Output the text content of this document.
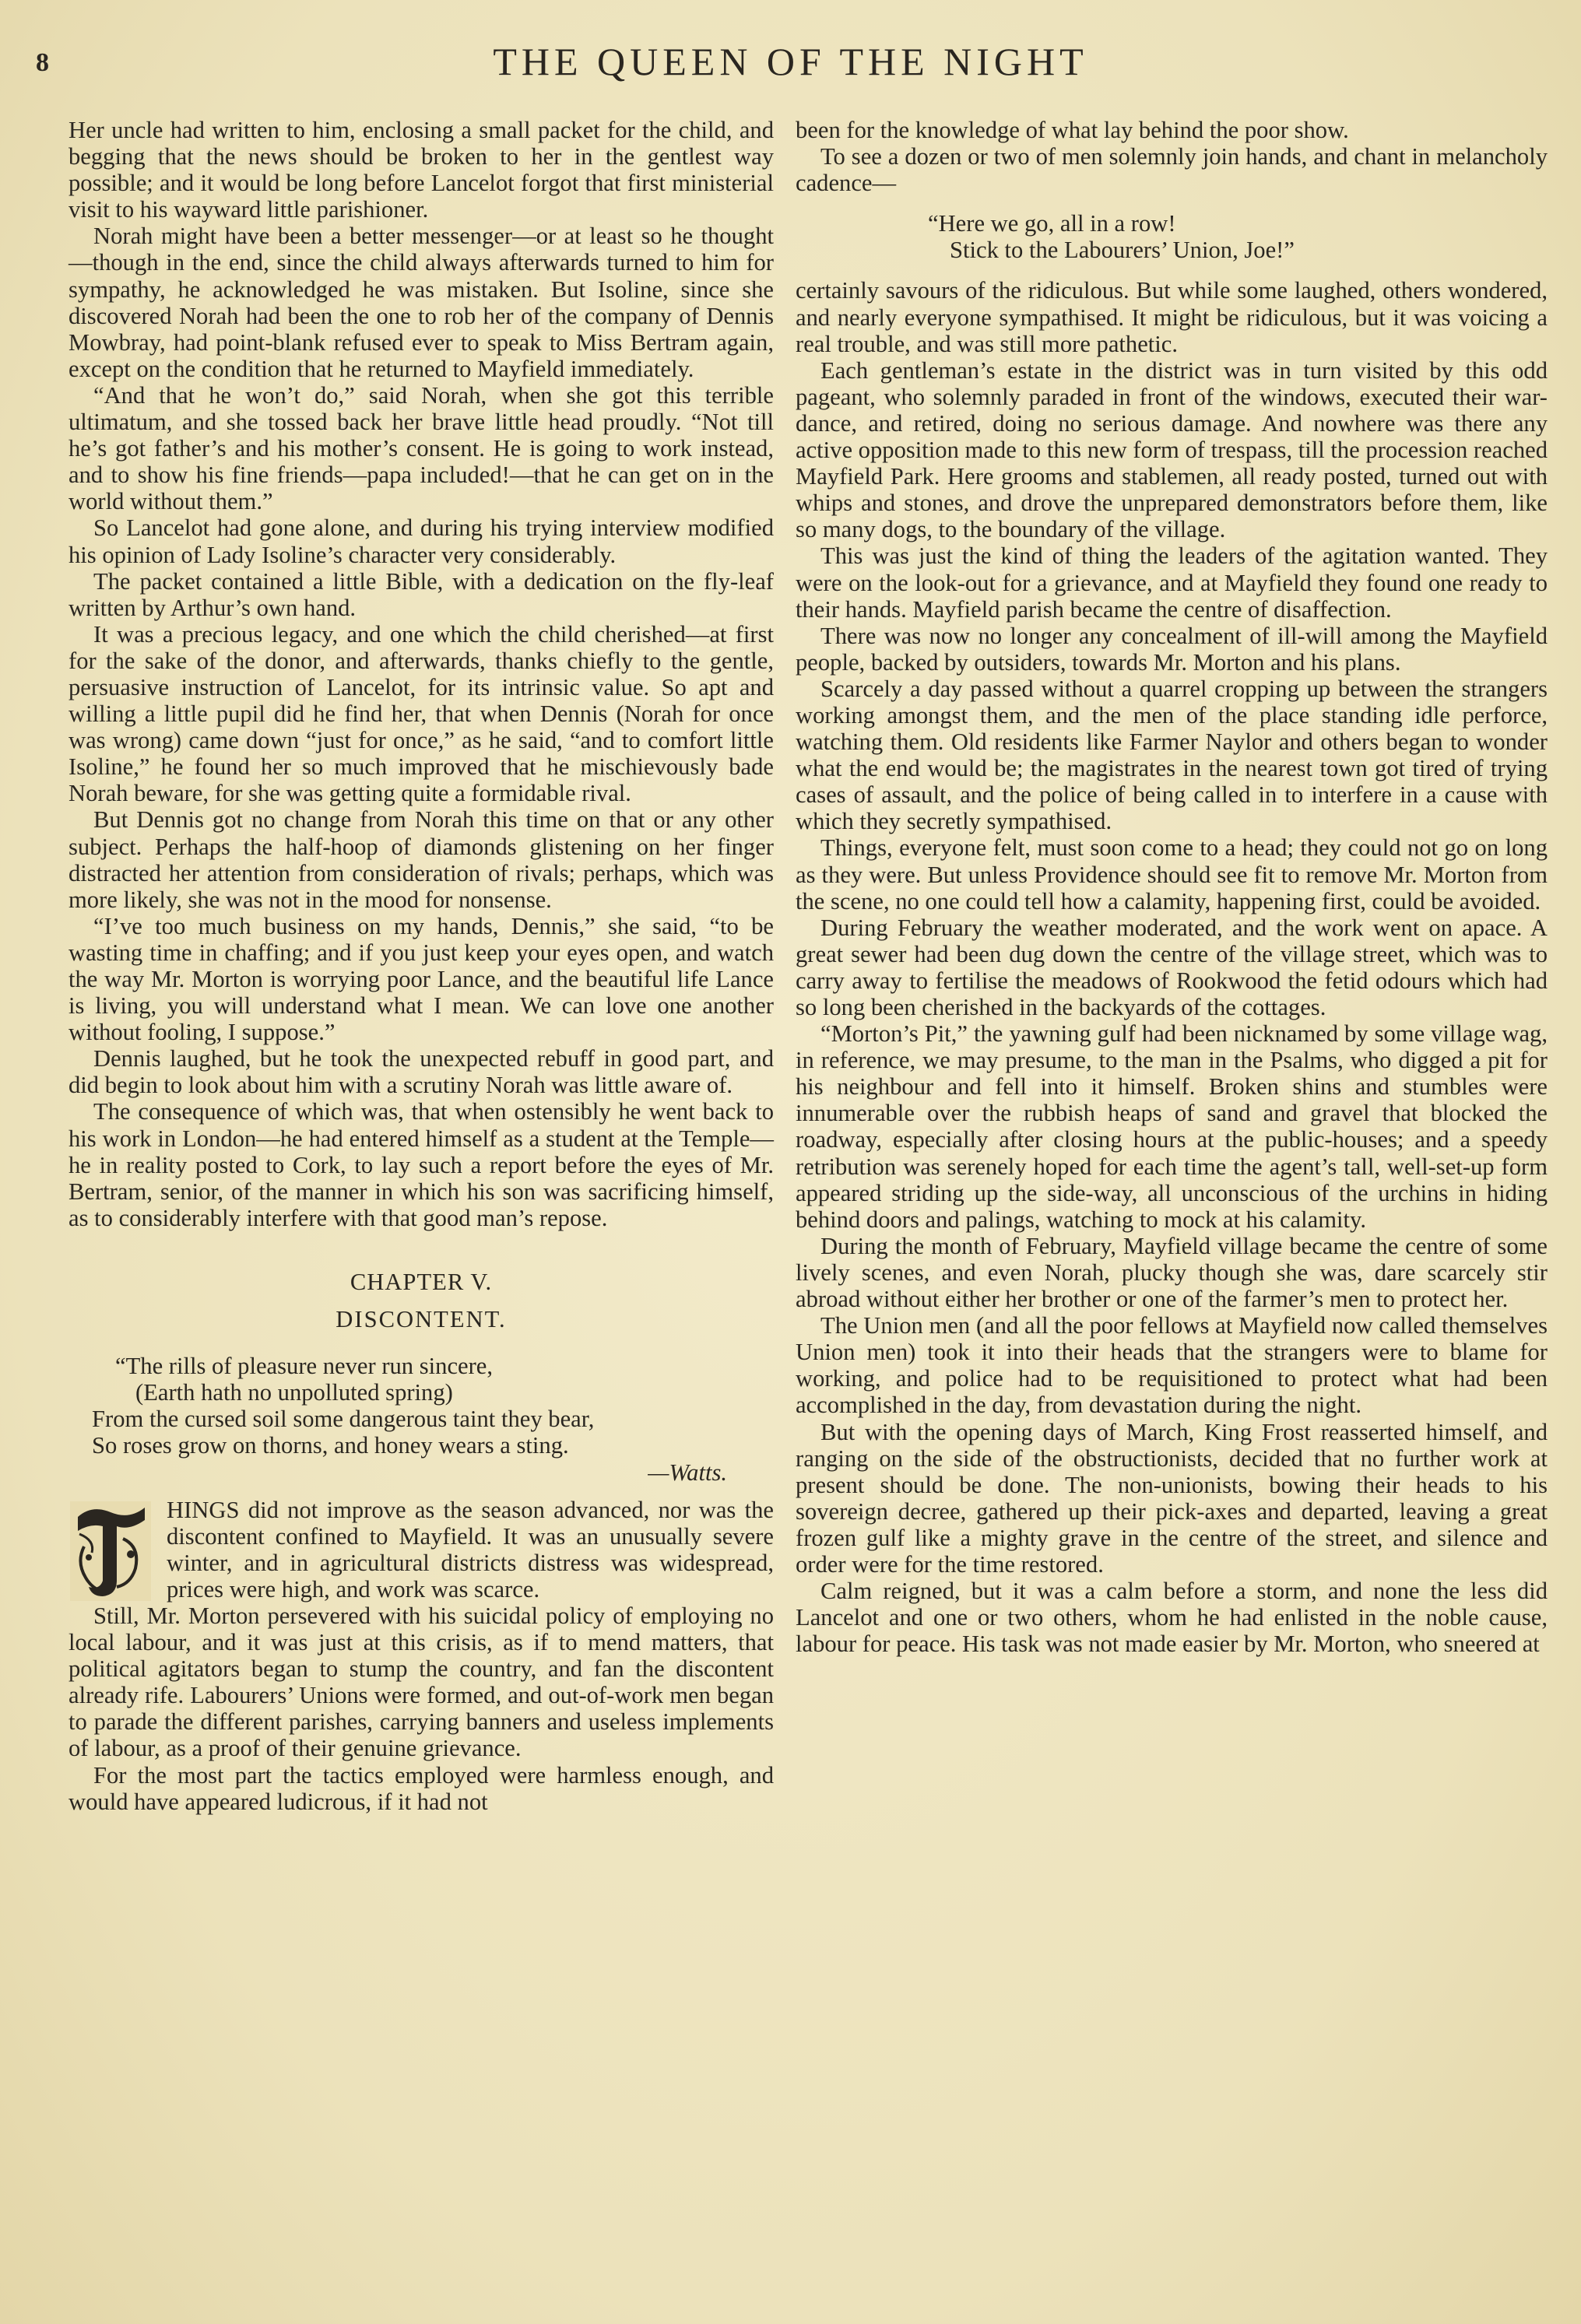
8	THE QUEEN OF THE NIGHT

Her uncle had written to him, enclosing a small packet for the child, and begging that the news should be broken to her in the gentlest way possible; and it would be long before Lancelot forgot that first ministerial visit to his wayward little parishioner.

Norah might have been a better messenger—or at least so he thought—though in the end, since the child always afterwards turned to him for sympathy, he acknowledged he was mistaken. But Isoline, since she discovered Norah had been the one to rob her of the company of Dennis Mowbray, had point-blank refused ever to speak to Miss Bertram again, except on the condition that he returned to Mayfield immediately.

“And that he won’t do,” said Norah, when she got this terrible ultimatum, and she tossed back her brave little head proudly. “Not till he’s got father’s and his mother’s consent. He is going to work instead, and to show his fine friends—papa included!—that he can get on in the world without them.”

So Lancelot had gone alone, and during his trying interview modified his opinion of Lady Isoline’s character very considerably.

The packet contained a little Bible, with a dedication on the fly-leaf written by Arthur’s own hand.

It was a precious legacy, and one which the child cherished—at first for the sake of the donor, and afterwards, thanks chiefly to the gentle, persuasive instruction of Lancelot, for its intrinsic value. So apt and willing a little pupil did he find her, that when Dennis (Norah for once was wrong) came down “just for once,” as he said, “and to comfort little Isoline,” he found her so much improved that he mischievously bade Norah beware, for she was getting quite a formidable rival.

But Dennis got no change from Norah this time on that or any other subject. Perhaps the half-hoop of diamonds glistening on her finger distracted her attention from consideration of rivals; perhaps, which was more likely, she was not in the mood for nonsense.

“I’ve too much business on my hands, Dennis,” she said, “to be wasting time in chaffing; and if you just keep your eyes open, and watch the way Mr. Morton is worrying poor Lance, and the beautiful life Lance is living, you will understand what I mean. We can love one another without fooling, I suppose.”

Dennis laughed, but he took the unexpected rebuff in good part, and did begin to look about him with a scrutiny Norah was little aware of.

The consequence of which was, that when ostensibly he went back to his work in London—he had entered himself as a student at the Temple—he in reality posted to Cork, to lay such a report before the eyes of Mr. Bertram, senior, of the manner in which his son was sacrificing himself, as to considerably interfere with that good man’s repose.

CHAPTER V.
DISCONTENT.
“The rills of pleasure never run sincere,
(Earth hath no unpolluted spring)
From the cursed soil some dangerous taint they bear,
So roses grow on thorns, and honey wears a sting.
—Watts.

HINGS did not improve as the season advanced, nor was the discontent confined to Mayfield. It was an unusually severe winter, and in agricultural districts distress was widespread, prices were high, and work was scarce.

Still, Mr. Morton persevered with his suicidal policy of employing no local labour, and it was just at this crisis, as if to mend matters, that political agitators began to stump the country, and fan the discontent already rife. Labourers’ Unions were formed, and out-of-work men began to parade the different parishes, carrying banners and useless implements of labour, as a proof of their genuine grievance.

For the most part the tactics employed were harmless enough, and would have appeared ludicrous, if it had not

been for the knowledge of what lay behind the poor show.

To see a dozen or two of men solemnly join hands, and chant in melancholy cadence—

“Here we go, all in a row!
Stick to the Labourers’ Union, Joe!”

certainly savours of the ridiculous. But while some laughed, others wondered, and nearly everyone sympathised. It might be ridiculous, but it was voicing a real trouble, and was still more pathetic.

Each gentleman’s estate in the district was in turn visited by this odd pageant, who solemnly paraded in front of the windows, executed their war-dance, and retired, doing no serious damage. And nowhere was there any active opposition made to this new form of trespass, till the procession reached Mayfield Park. Here grooms and stablemen, all ready posted, turned out with whips and stones, and drove the unprepared demonstrators before them, like so many dogs, to the boundary of the village.

This was just the kind of thing the leaders of the agitation wanted. They were on the look-out for a grievance, and at Mayfield they found one ready to their hands. Mayfield parish became the centre of disaffection.

There was now no longer any concealment of ill-will among the Mayfield people, backed by outsiders, towards Mr. Morton and his plans.

Scarcely a day passed without a quarrel cropping up between the strangers working amongst them, and the men of the place standing idle perforce, watching them. Old residents like Farmer Naylor and others began to wonder what the end would be; the magistrates in the nearest town got tired of trying cases of assault, and the police of being called in to interfere in a cause with which they secretly sympathised.

Things, everyone felt, must soon come to a head; they could not go on long as they were. But unless Providence should see fit to remove Mr. Morton from the scene, no one could tell how a calamity, happening first, could be avoided.

During February the weather moderated, and the work went on apace. A great sewer had been dug down the centre of the village street, which was to carry away to fertilise the meadows of Rookwood the fetid odours which had so long been cherished in the backyards of the cottages.

“Morton’s Pit,” the yawning gulf had been nicknamed by some village wag, in reference, we may presume, to the man in the Psalms, who digged a pit for his neighbour and fell into it himself. Broken shins and stumbles were innumerable over the rubbish heaps of sand and gravel that blocked the roadway, especially after closing hours at the public-houses; and a speedy retribution was serenely hoped for each time the agent’s tall, well-set-up form appeared striding up the side-way, all unconscious of the urchins in hiding behind doors and palings, watching to mock at his calamity.

During the month of February, Mayfield village became the centre of some lively scenes, and even Norah, plucky though she was, dare scarcely stir abroad without either her brother or one of the farmer’s men to protect her.

The Union men (and all the poor fellows at Mayfield now called themselves Union men) took it into their heads that the strangers were to blame for working, and police had to be requisitioned to protect what had been accomplished in the day, from devastation during the night.

But with the opening days of March, King Frost reasserted himself, and ranging on the side of the obstructionists, decided that no further work at present should be done. The non-unionists, bowing their heads to his sovereign decree, gathered up their pick-axes and departed, leaving a great frozen gulf like a mighty grave in the centre of the street, and silence and order were for the time restored.

Calm reigned, but it was a calm before a storm, and none the less did Lancelot and one or two others, whom he had enlisted in the noble cause, labour for peace. His task was not made easier by Mr. Morton, who sneered at
